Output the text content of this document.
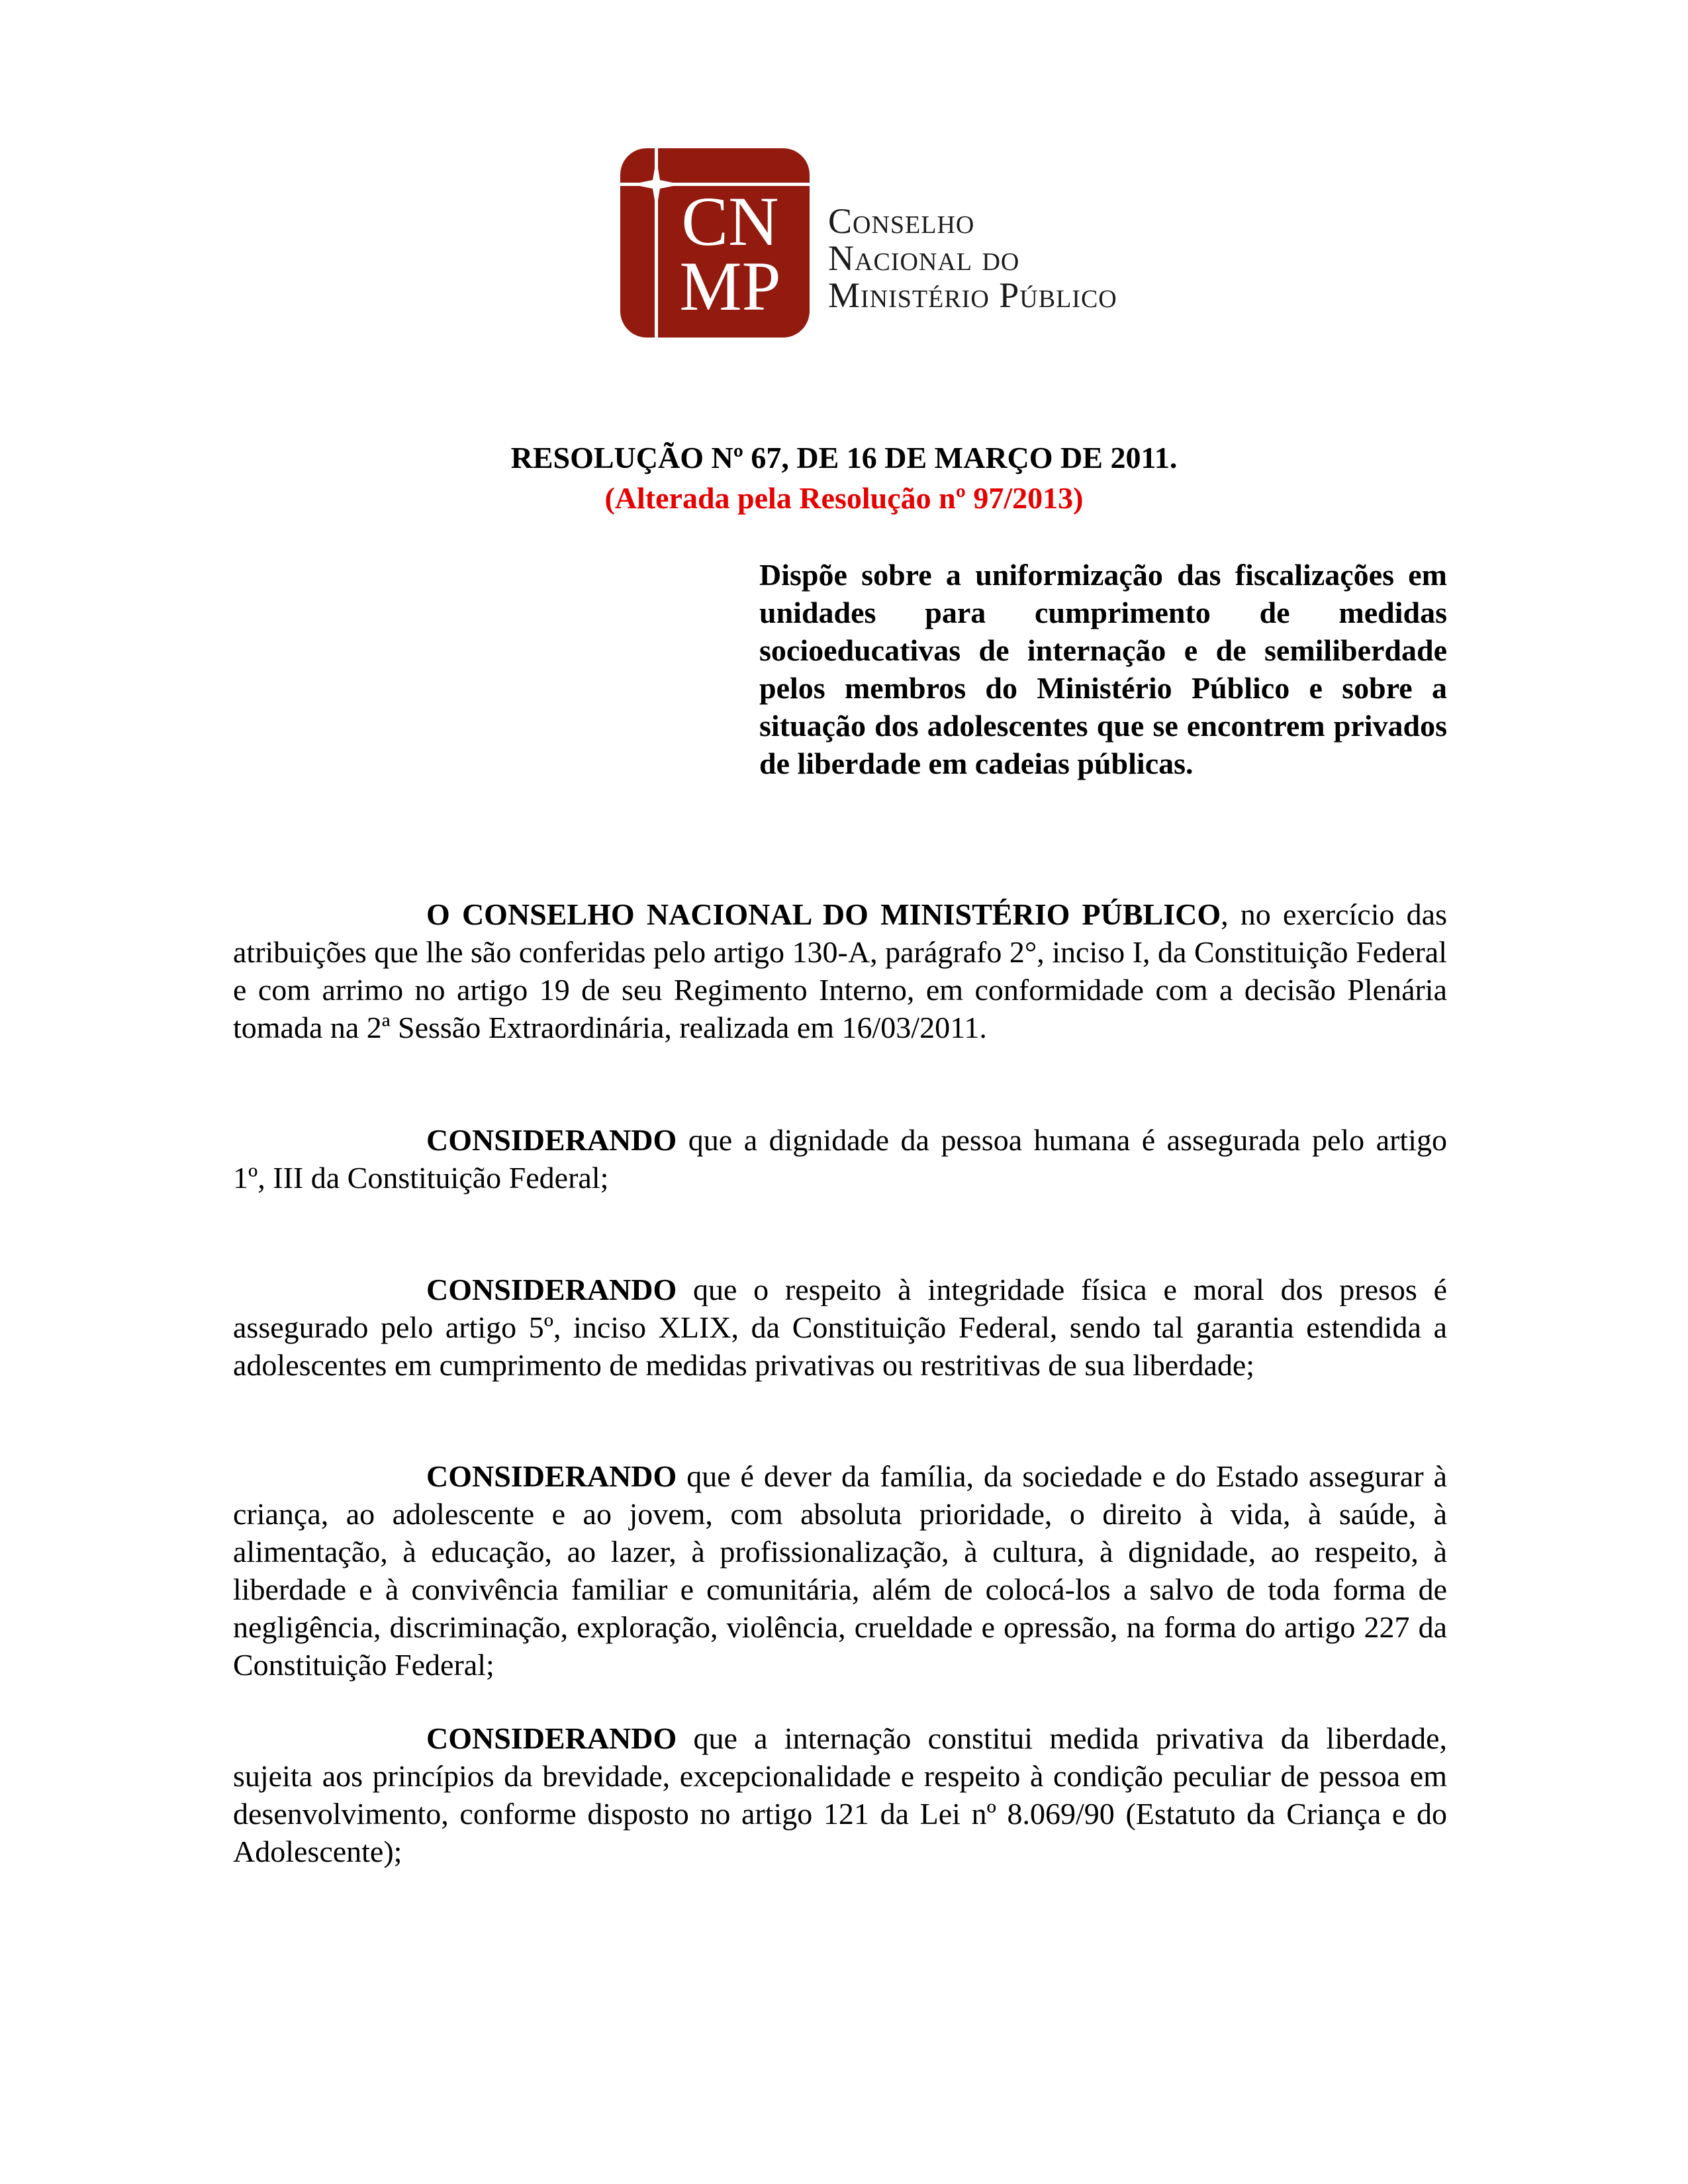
CN
MP
Conselho
Nacional do
Ministério Público
RESOLUÇÃO Nº 67, DE 16 DE MARÇO DE 2011.
(Alterada pela Resolução nº 97/2013)
Dispõe sobre a uniformização das fiscalizações em unidades para cumprimento de medidas socioeducativas de internação e de semiliberdade pelos membros do Ministério Público e sobre a situação dos adolescentes que se encontrem privados de liberdade em cadeias públicas.
O CONSELHO NACIONAL DO MINISTÉRIO PÚBLICO, no exercício das atribuições que lhe são conferidas pelo artigo 130-A, parágrafo 2°, inciso I, da Constituição Federal e com arrimo no artigo 19 de seu Regimento Interno, em conformidade com a decisão Plenária tomada na 2ª Sessão Extraordinária, realizada em 16/03/2011.
CONSIDERANDO que a dignidade da pessoa humana é assegurada pelo artigo 1º, III da Constituição Federal;
CONSIDERANDO que o respeito à integridade física e moral dos presos é assegurado pelo artigo 5º, inciso XLIX, da Constituição Federal, sendo tal garantia estendida a adolescentes em cumprimento de medidas privativas ou restritivas de sua liberdade;
CONSIDERANDO que é dever da família, da sociedade e do Estado assegurar à criança, ao adolescente e ao jovem, com absoluta prioridade, o direito à vida, à saúde, à alimentação, à educação, ao lazer, à profissionalização, à cultura, à dignidade, ao respeito, à liberdade e à convivência familiar e comunitária, além de colocá-los a salvo de toda forma de negligência, discriminação, exploração, violência, crueldade e opressão, na forma do artigo 227 da Constituição Federal;
CONSIDERANDO que a internação constitui medida privativa da liberdade, sujeita aos princípios da brevidade, excepcionalidade e respeito à condição peculiar de pessoa em desenvolvimento, conforme disposto no artigo 121 da Lei nº 8.069/90 (Estatuto da Criança e do Adolescente);
